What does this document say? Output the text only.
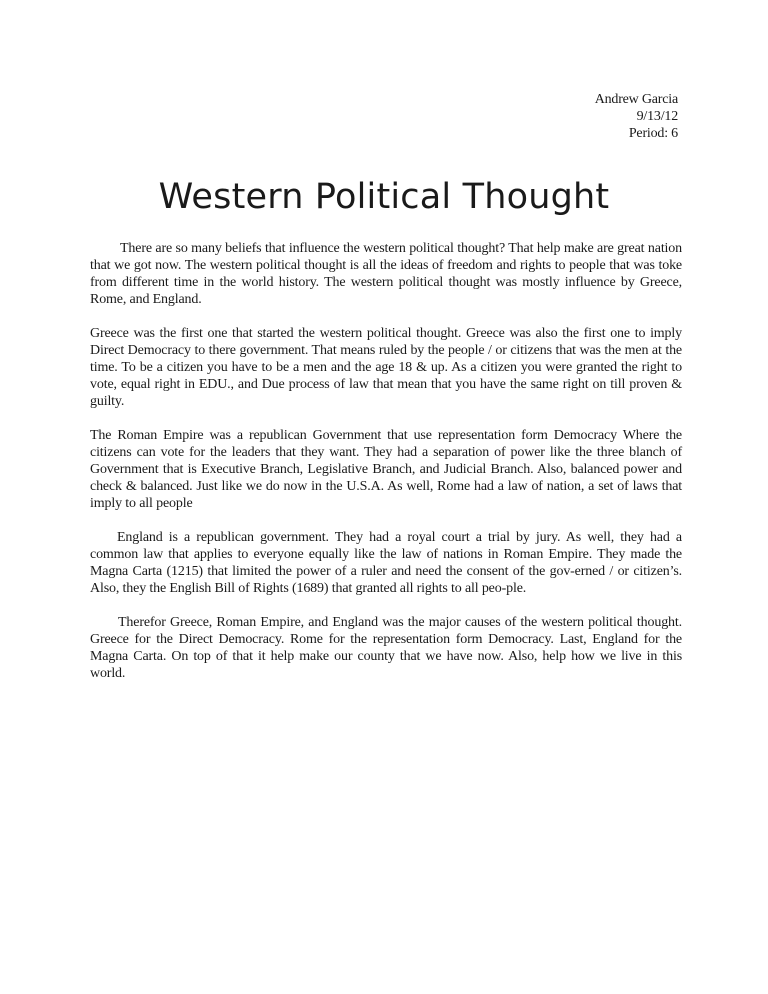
Andrew Garcia
9/13/12
Period: 6
Western Political Thought

There are so many beliefs that influence the western political thought? That help make are great nation that we got now. The western political thought is all the ideas of freedom and rights to people that was toke from different time in the world history. The western political thought was mostly influence by Greece, Rome, and England.

Greece was the first one that started the western political thought. Greece was also the first one to imply Direct Democracy to there government. That means ruled by the people / or citizens that was the men at the time. To be a citizen you have to be a men and the age 18 & up. As a citizen you were granted the right to vote, equal right in EDU., and Due process of law that mean that you have the same right on till proven & guilty.

The Roman Empire was a republican Government that use representation form Democracy Where the citizens can vote for the leaders that they want. They had a separation of power like the three blanch of Government that is Executive Branch, Legislative Branch, and Judicial Branch. Also, balanced power and check & balanced. Just like we do now in the U.S.A. As well, Rome had a law of nation, a set of laws that imply to all people

England is a republican government. They had a royal court a trial by jury. As well, they had a common law that applies to everyone equally like the law of nations in Roman Empire. They made the Magna Carta (1215) that limited the power of a ruler and need the consent of the gov-erned / or citizen’s. Also, they the English Bill of Rights (1689) that granted all rights to all peo-ple.

Therefor Greece, Roman Empire, and England was the major causes of the western political thought. Greece for the Direct Democracy. Rome for the representation form Democracy. Last, England for the Magna Carta. On top of that it help make our county that we have now. Also, help how we live in this world.
